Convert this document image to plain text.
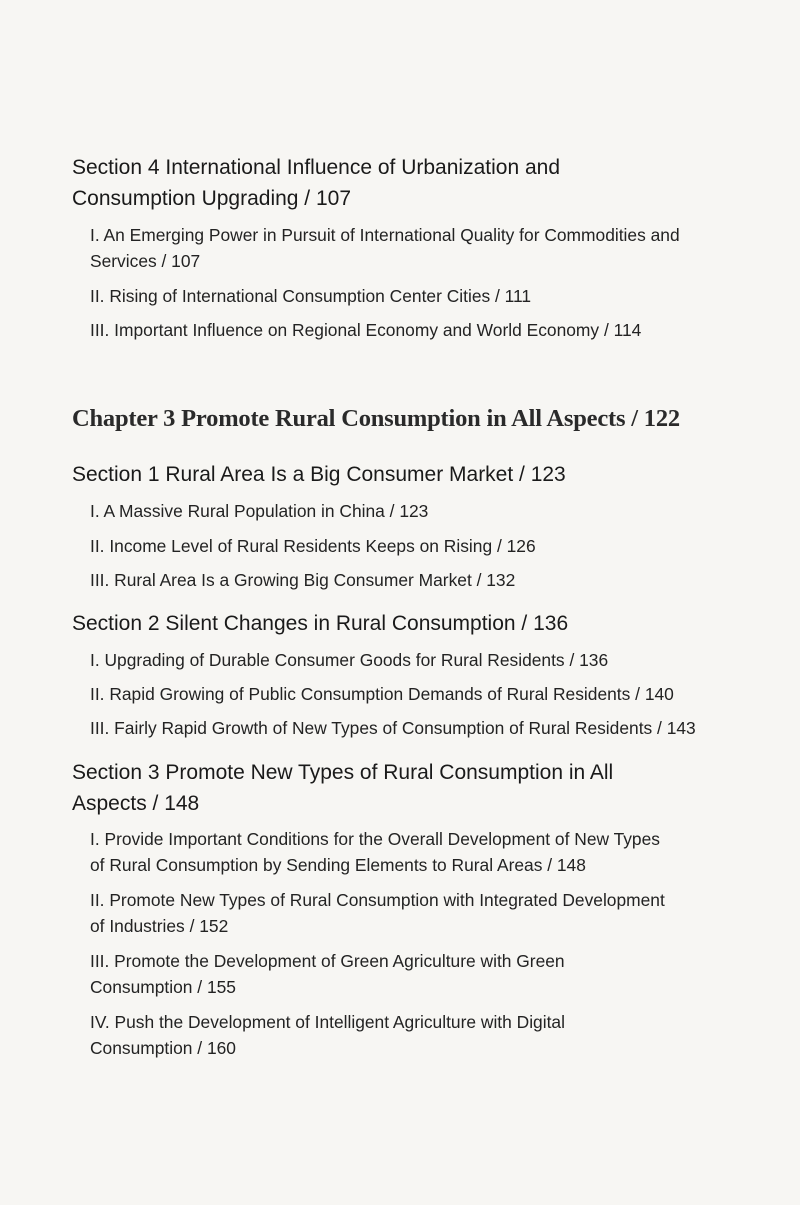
Section 4 International Influence of Urbanization and
Consumption Upgrading / 107
I. An Emerging Power in Pursuit of International Quality for Commodities and
Services / 107
II. Rising of International Consumption Center Cities / 111
III. Important Influence on Regional Economy and World Economy / 114
Chapter 3 Promote Rural Consumption in All Aspects / 122
Section 1 Rural Area Is a Big Consumer Market / 123
I. A Massive Rural Population in China / 123
II. Income Level of Rural Residents Keeps on Rising / 126
III. Rural Area Is a Growing Big Consumer Market / 132
Section 2 Silent Changes in Rural Consumption / 136
I. Upgrading of Durable Consumer Goods for Rural Residents / 136
II. Rapid Growing of Public Consumption Demands of Rural Residents / 140
III. Fairly Rapid Growth of New Types of Consumption of Rural Residents / 143
Section 3 Promote New Types of Rural Consumption in All
Aspects / 148
I. Provide Important Conditions for the Overall Development of New Types
of Rural Consumption by Sending Elements to Rural Areas / 148
II. Promote New Types of Rural Consumption with Integrated Development
of Industries / 152
III. Promote the Development of Green Agriculture with Green
Consumption / 155
IV. Push the Development of Intelligent Agriculture with Digital
Consumption / 160
